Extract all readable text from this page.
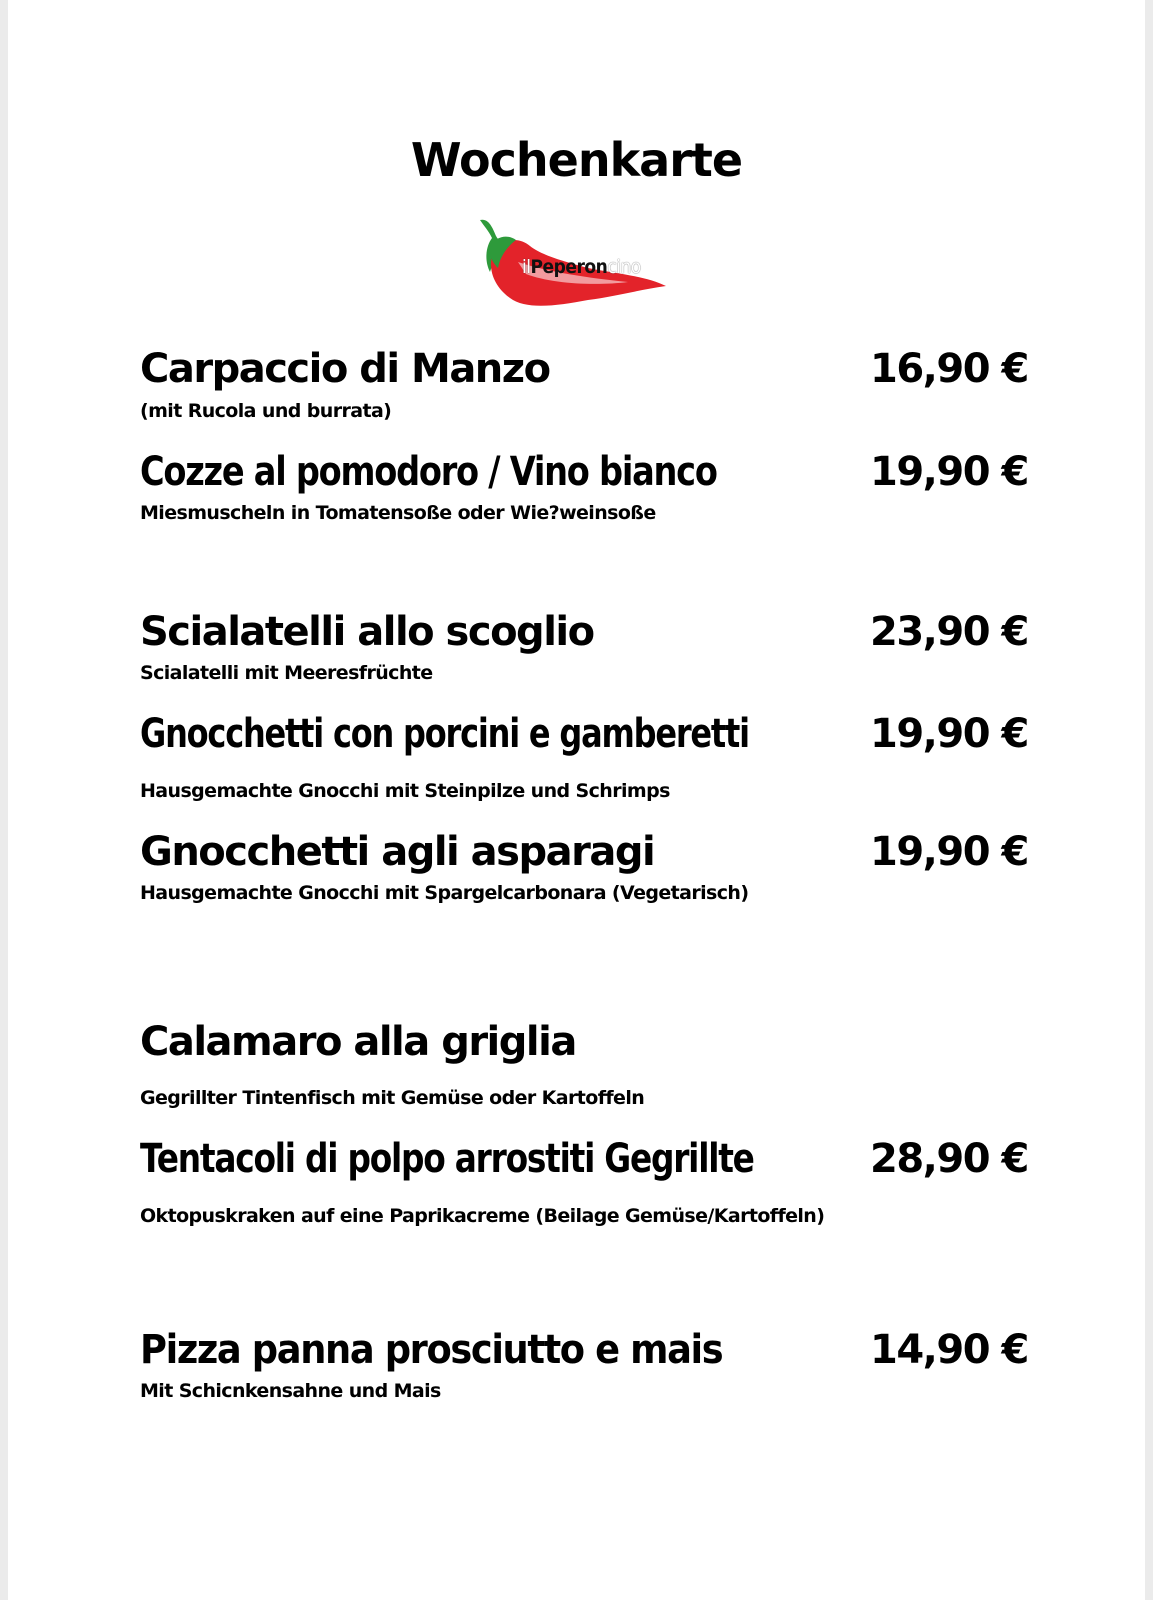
Wochenkarte
ilPeperoncino
Carpaccio di Manzo	16,90 €
(mit Rucola und burrata)
Cozze al pomodoro / Vino bianco	19,90 €
Miesmuscheln in Tomatensoße oder Wie?weinsoße
Scialatelli allo scoglio	23,90 €
Scialatelli mit Meeresfrüchte
Gnocchetti con porcini e gamberetti	19,90 €
Hausgemachte Gnocchi mit Steinpilze und Schrimps
Gnocchetti agli asparagi	19,90 €
Hausgemachte Gnocchi mit Spargelcarbonara (Vegetarisch)
Calamaro alla griglia
Gegrillter Tintenfisch mit Gemüse oder Kartoffeln
Tentacoli di polpo arrostiti Gegrillte	28,90 €
Oktopuskraken auf eine Paprikacreme (Beilage Gemüse/Kartoffeln)
Pizza panna prosciutto e mais	14,90 €
Mit Schicnkensahne und Mais
